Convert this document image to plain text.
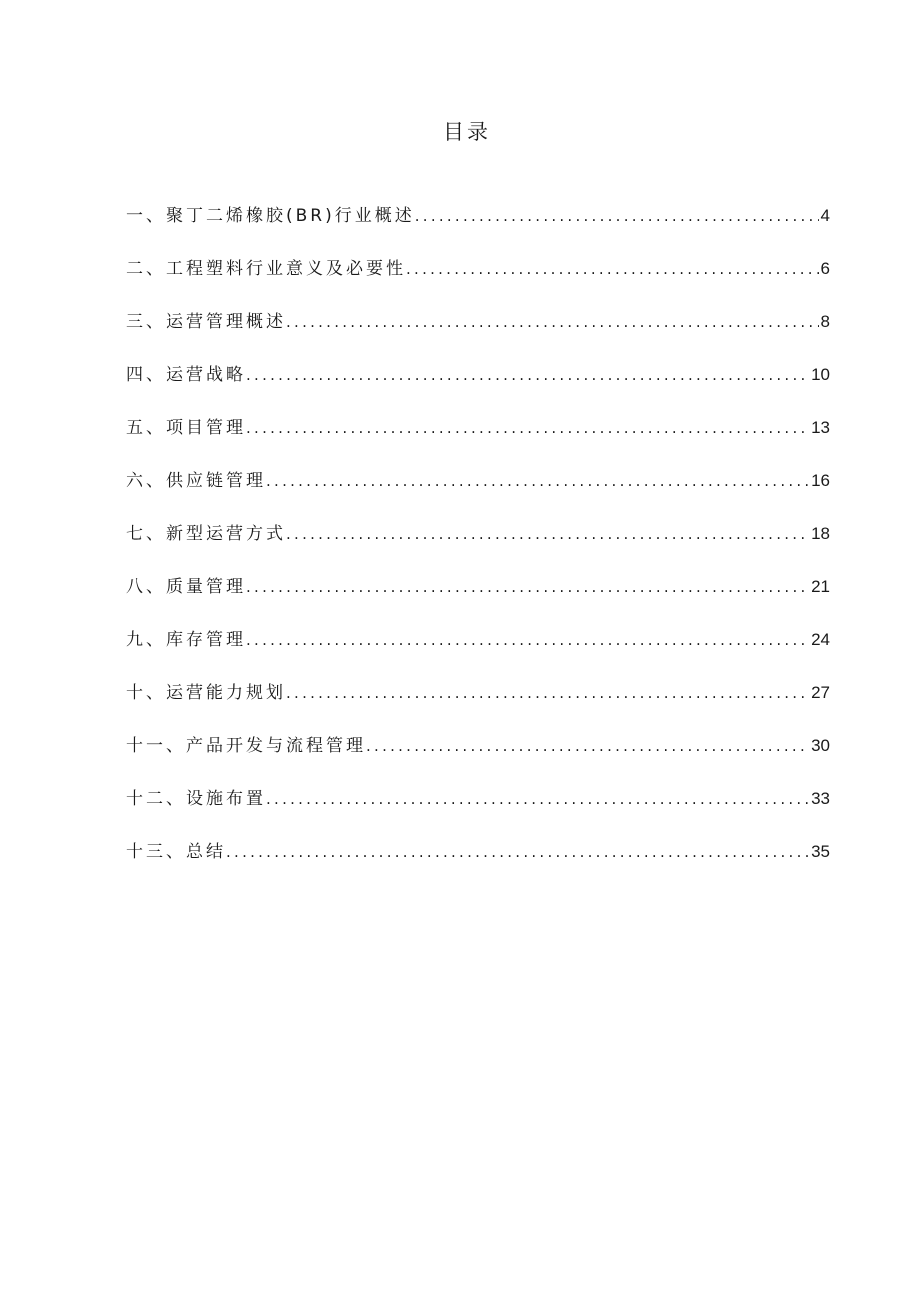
目录
一、聚丁二烯橡胶(BR)行业概述 . . .	4
二、工程塑料行业意义及必要性 . . .	6
三、运营管理概述 . . .	8
四、运营战略 . . .	10
五、项目管理 . . .	13
六、供应链管理 . . .	16
七、新型运营方式 . . .	18
八、质量管理 . . .	21
九、库存管理 . . .	24
十、运营能力规划 . . .	27
十一、产品开发与流程管理 . . .	30
十二、设施布置 . . .	33
十三、总结 . . .	35
